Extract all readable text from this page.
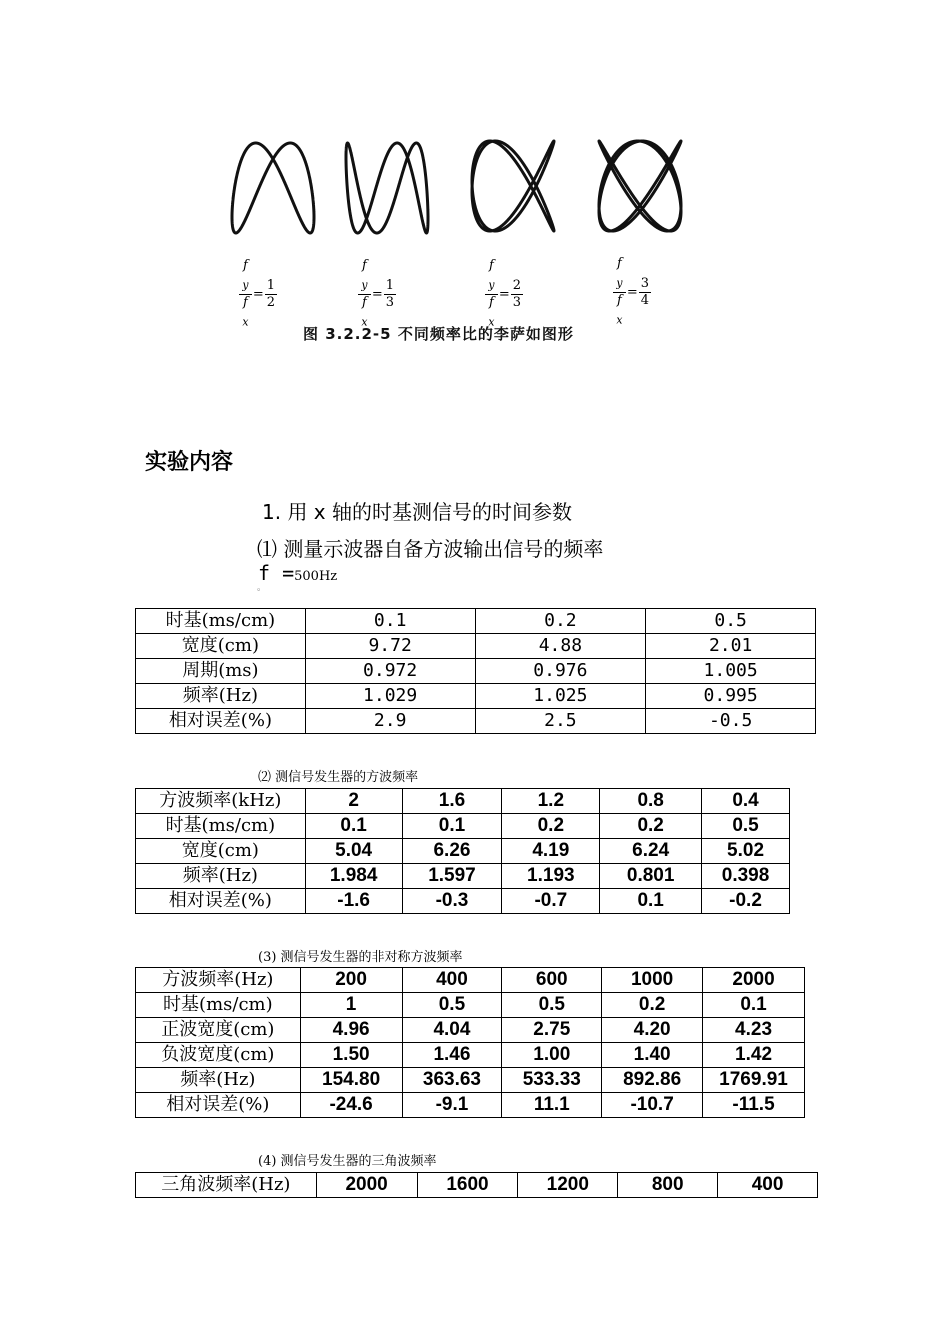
f
$_y$
f
$_x = \frac{1}{2}$	f
$_y$
f
$_x = \frac{1}{3}$	f
$_y$
f
$_x = \frac{2}{3}$	f
$_y$
f
$_x = \frac{3}{4}$
图 3.2.2-5 不同频率比的李萨如图形
实验内容
1. 用 x 轴的时基测信号的时间参数
⑴ 测量示波器自备方波输出信号的频率
f =500Hz
。
时基(ms/cm)	0.1	0.2	0.5
宽度(cm)	9.72	4.88	2.01
周期(ms)	0.972	0.976	1.005
频率(Hz)	1.029	1.025	0.995
相对误差(%)	2.9	2.5	-0.5
⑵ 测信号发生器的方波频率
方波频率(kHz)	2	1.6	1.2	0.8	0.4
时基(ms/cm)	0.1	0.1	0.2	0.2	0.5
宽度(cm)	5.04	6.26	4.19	6.24	5.02
频率(Hz)	1.984	1.597	1.193	0.801	0.398
相对误差(%)	-1.6	-0.3	-0.7	0.1	-0.2
(3) 测信号发生器的非对称方波频率
方波频率(Hz)	200	400	600	1000	2000
时基(ms/cm)	1	0.5	0.5	0.2	0.1
正波宽度(cm)	4.96	4.04	2.75	4.20	4.23
负波宽度(cm)	1.50	1.46	1.00	1.40	1.42
频率(Hz)	154.80	363.63	533.33	892.86	1769.91
相对误差(%)	-24.6	-9.1	11.1	-10.7	-11.5
(4) 测信号发生器的三角波频率
三角波频率(Hz)	2000	1600	1200	800	400
